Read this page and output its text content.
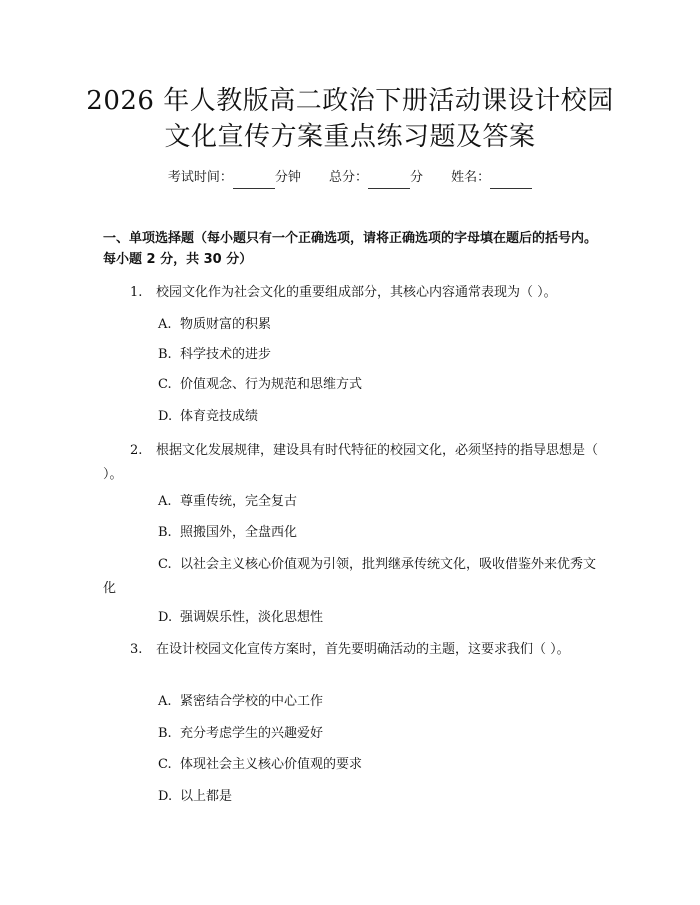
2026 年人教版高二政治下册活动课设计校园
文化宣传方案重点练习题及答案
考试时间：	分钟 总分：	分 姓名：
一、单项选择题（每小题只有一个正确选项，请将正确选项的字母填在题后的括号内。每小题 2 分，共 30 分）
1. 校园文化作为社会文化的重要组成部分，其核心内容通常表现为（ ）。
A. 物质财富的积累
B. 科学技术的进步
C. 价值观念、行为规范和思维方式
D. 体育竞技成绩
2. 根据文化发展规律，建设具有时代特征的校园文化，必须坚持的指导思想是（ ）。
A. 尊重传统，完全复古
B. 照搬国外，全盘西化
C. 以社会主义核心价值观为引领，批判继承传统文化，吸收借鉴外来优秀文化
D. 强调娱乐性，淡化思想性
3. 在设计校园文化宣传方案时，首先要明确活动的主题，这要求我们（ ）。
A. 紧密结合学校的中心工作
B. 充分考虑学生的兴趣爱好
C. 体现社会主义核心价值观的要求
D. 以上都是
